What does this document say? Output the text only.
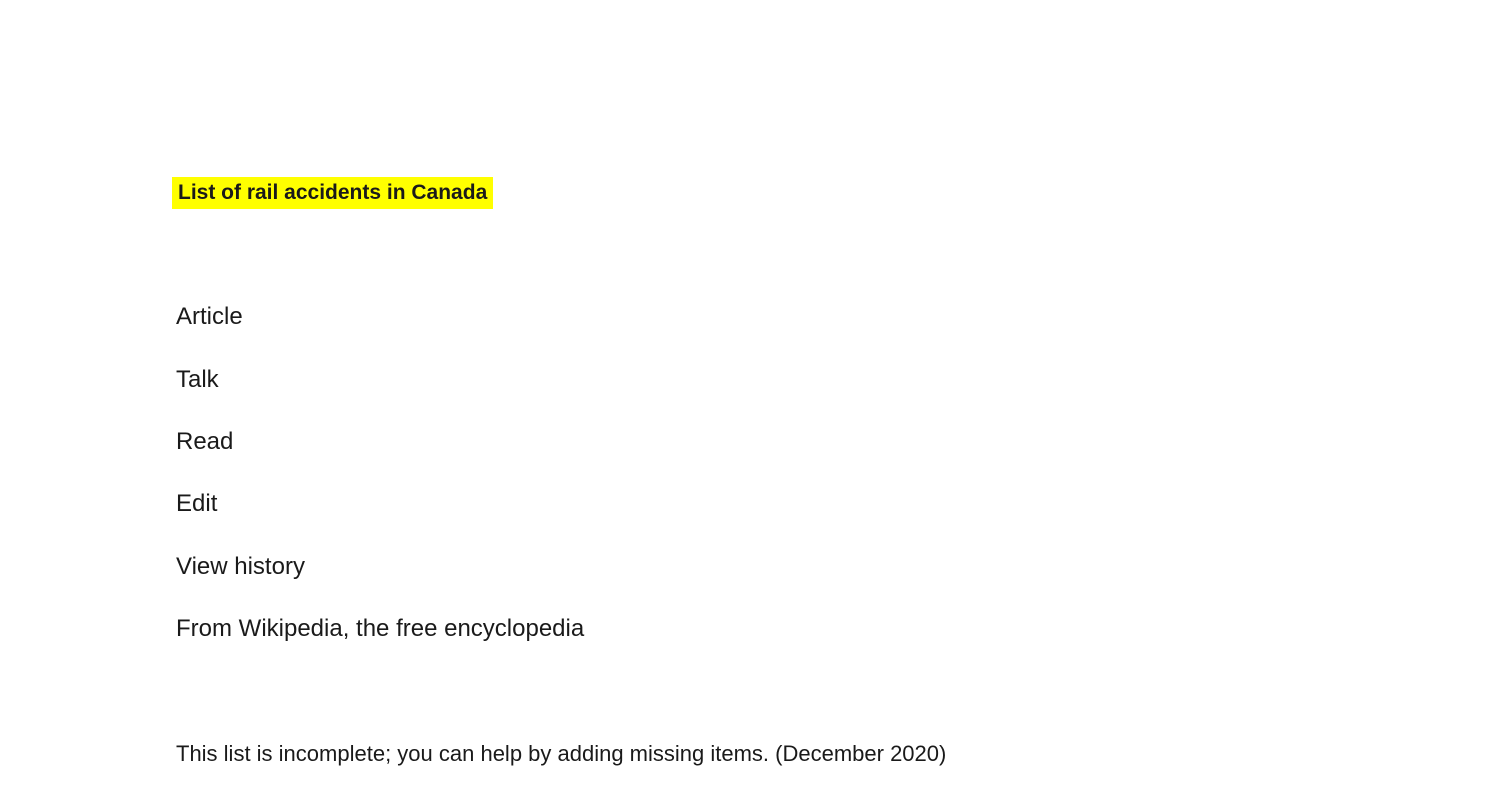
List of rail accidents in Canada
Article
Talk
Read
Edit
View history

From Wikipedia, the free encyclopedia

This list is incomplete; you can help by adding missing items. (December 2020)
